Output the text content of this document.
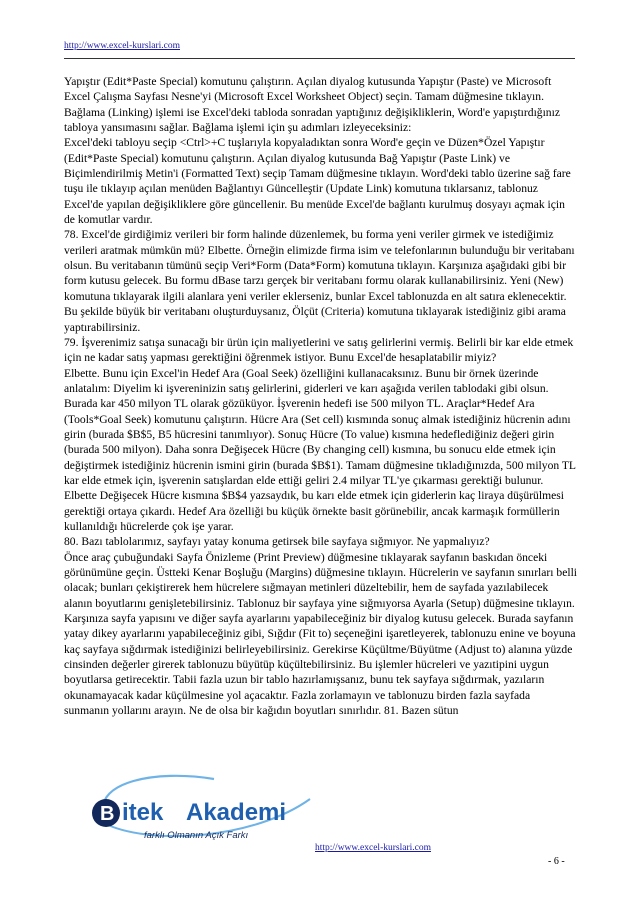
http://www.excel-kurslari.com

Yapıştır (Edit*Paste Special) komutunu çalıştırın. Açılan diyalog kutusunda Yapıştır (Paste) ve Microsoft Excel Çalışma Sayfası Nesne'yi (Microsoft Excel Worksheet Object) seçin. Tamam düğmesine tıklayın.

Bağlama (Linking) işlemi ise Excel'deki tabloda sonradan yaptığınız değişikliklerin, Word'e yapıştırdığınız tabloya yansımasını sağlar. Bağlama işlemi için şu adımları izleyeceksiniz:

Excel'deki tabloyu seçip <Ctrl>+C tuşlarıyla kopyaladıktan sonra Word'e geçin ve Düzen*Özel Yapıştır (Edit*Paste Special) komutunu çalıştırın. Açılan diyalog kutusunda Bağ Yapıştır (Paste Link) ve Biçimlendirilmiş Metin'i (Formatted Text) seçip Tamam düğmesine tıklayın. Word'deki tablo üzerine sağ fare tuşu ile tıklayıp açılan menüden Bağlantıyı Güncelleştir (Update Link) komutuna tıklarsanız, tablonuz Excel'de yapılan değişikliklere göre güncellenir. Bu menüde Excel'de bağlantı kurulmuş dosyayı açmak için de komutlar vardır.

78. Excel'de girdiğimiz verileri bir form halinde düzenlemek, bu forma yeni veriler girmek ve istediğimiz verileri aratmak mümkün mü? Elbette. Örneğin elimizde firma isim ve telefonlarının bulunduğu bir veritabanı olsun. Bu veritabanın tümünü seçip Veri*Form (Data*Form) komutuna tıklayın. Karşınıza aşağıdaki gibi bir form kutusu gelecek. Bu formu dBase tarzı gerçek bir veritabanı formu olarak kullanabilirsiniz. Yeni (New) komutuna tıklayarak ilgili alanlara yeni veriler eklerseniz, bunlar Excel tablonuzda en alt satıra eklenecektir. Bu şekilde büyük bir veritabanı oluşturduysanız, Ölçüt (Criteria) komutuna tıklayarak istediğiniz gibi arama yaptırabilirsiniz.

79. İşverenimiz satışa sunacağı bir ürün için maliyetlerini ve satış gelirlerini vermiş. Belirli bir kar elde etmek için ne kadar satış yapması gerektiğini öğrenmek istiyor. Bunu Excel'de hesaplatabilir miyiz?

Elbette. Bunu için Excel'in Hedef Ara (Goal Seek) özelliğini kullanacaksınız. Bunu bir örnek üzerinde anlatalım: Diyelim ki işvereninizin satış gelirlerini, giderleri ve karı aşağıda verilen tablodaki gibi olsun. Burada kar 450 milyon TL olarak gözüküyor. İşverenin hedefi ise 500 milyon TL. Araçlar*Hedef Ara (Tools*Goal Seek) komutunu çalıştırın. Hücre Ara (Set cell) kısmında sonuç almak istediğiniz hücrenin adını girin (burada $B$5, B5 hücresini tanımlıyor). Sonuç Hücre (To value) kısmına hedeflediğiniz değeri girin (burada 500 milyon). Daha sonra Değişecek Hücre (By changing cell) kısmına, bu sonucu elde etmek için değiştirmek istediğiniz hücrenin ismini girin (burada $B$1). Tamam düğmesine tıkladığınızda, 500 milyon TL kar elde etmek için, işverenin satışlardan elde ettiği geliri 2.4 milyar TL'ye çıkarması gerektiği bulunur. Elbette Değişecek Hücre kısmına $B$4 yazsaydık, bu karı elde etmek için giderlerin kaç liraya düşürülmesi gerektiği ortaya çıkardı. Hedef Ara özelliği bu küçük örnekte basit görünebilir, ancak karmaşık formüllerin kullanıldığı hücrelerde çok işe yarar.

80. Bazı tablolarımız, sayfayı yatay konuma getirsek bile sayfaya sığmıyor. Ne yapmalıyız?

Önce araç çubuğundaki Sayfa Önizleme (Print Preview) düğmesine tıklayarak sayfanın baskıdan önceki görünümüne geçin. Üstteki Kenar Boşluğu (Margins) düğmesine tıklayın. Hücrelerin ve sayfanın sınırları belli olacak; bunları çekiştirerek hem hücrelere sığmayan metinleri düzeltebilir, hem de sayfada yazılabilecek alanın boyutlarını genişletebilirsiniz. Tablonuz bir sayfaya yine sığmıyorsa Ayarla (Setup) düğmesine tıklayın. Karşınıza sayfa yapısını ve diğer sayfa ayarlarını yapabileceğiniz bir diyalog kutusu gelecek. Burada sayfanın yatay dikey ayarlarını yapabileceğiniz gibi, Sığdır (Fit to) seçeneğini işaretleyerek, tablonuzu enine ve boyuna kaç sayfaya sığdırmak istediğinizi belirleyebilirsiniz. Gerekirse Küçültme/Büyütme (Adjust to) alanına yüzde cinsinden değerler girerek tablonuzu büyütüp küçültebilirsiniz. Bu işlemler hücreleri ve yazıtipini uygun boyutlarsa getirecektir. Tabii fazla uzun bir tablo hazırlamışsanız, bunu tek sayfaya sığdırmak, yazıların okunamayacak kadar küçülmesine yol açacaktır. Fazla zorlamayın ve tablonuzu birden fazla sayfada sunmanın yollarını arayın. Ne de olsa bir kağıdın boyutları sınırlıdır. 81. Bazen sütun

B itek Akademi
farklı Olmanın Açık Farkı
http://www.excel-kurslari.com
- 6 -
